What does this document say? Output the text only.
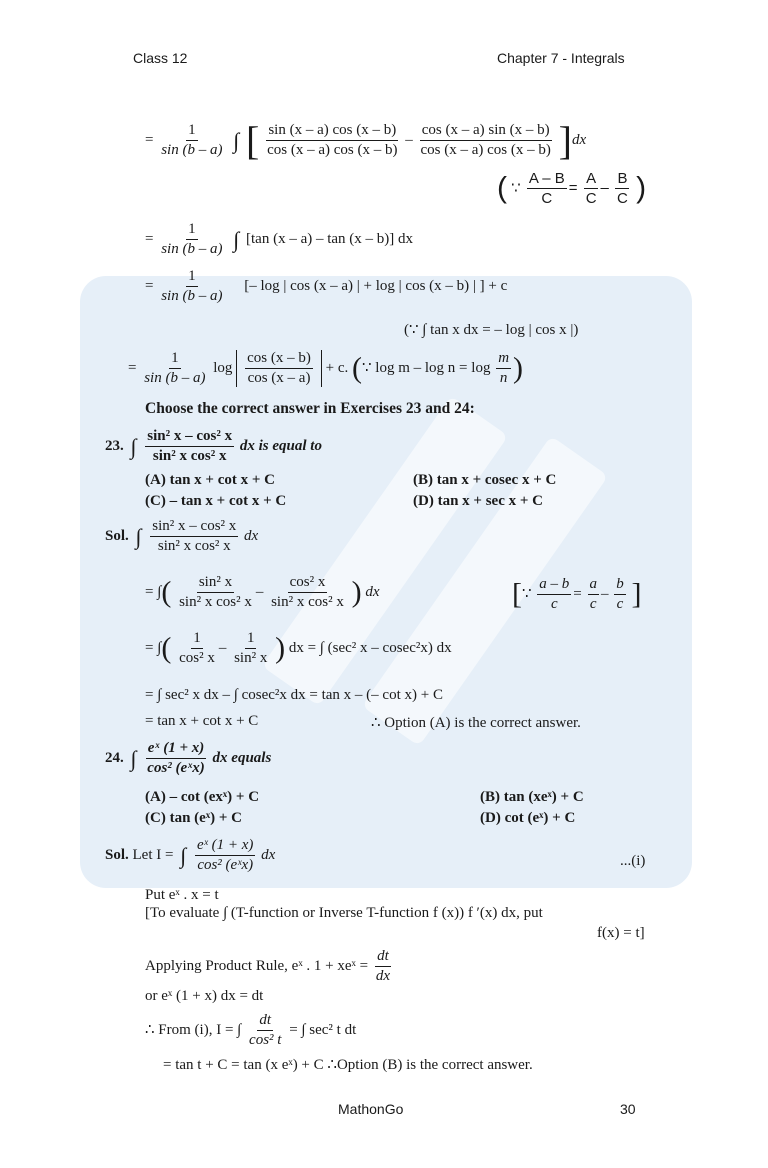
Class 12	Chapter 7 - Integrals
= $\frac{1}{\sin (b - a)}$ ∫ [ $\frac{\sin (x - a) \cos (x - b)}{\cos (x - a) \cos (x - b)} - \frac{\cos (x - a) \sin (x - b)}{\cos (x - a) \cos (x - b)} ]dx$
( ∵ $\frac{A - B}{C} = \frac{A}{C} - \frac{B}{C}$ )
= $\frac{1}{\sin (b - a)}$ ∫ [tan (x – a) – tan (x – b)] dx
= $\frac{1}{\sin (b - a)}$ [– log | cos (x – a) | + log | cos (x – b) | ] + c
(∵ ∫ tan x dx = – log | cos x |)
= $\frac{1}{\sin (b - a)}$ $\log \frac{\cos (x - b)}{\cos (x - a)} + c$. (∵ $\log m - \log n = \log \frac{m}{n}$ )
Choose the correct answer in Exercises 23 and 24:
23. ∫ $\frac{\text{sin² x – cos² x}}{\text{sin² x cos² x}}$ dx is equal to
(A) tan x + cot x + C	(B) tan x + cosec x + C
(C) – tan x + cot x + C	(D) tan x + sec x + C
Sol. ∫ $\frac{\text{sin² x – cos² x}}{\text{sin² x cos² x}}$ dx
= ∫( $\frac{\text{sin² x}}{\text{sin² x cos² x}} - \frac{\text{cos² x}}{\text{sin² x cos² x}}$ ) dx	[∵ $\frac{a - b}{c} = \frac{a}{c} - \frac{b}{c}$ ]
= ∫( $\frac{1}{\text{cos² x}} - \frac{1}{\text{sin² x}}$ ) dx = ∫ (sec² x – cosec²x) dx
= ∫ sec² x dx – ∫ cosec²x dx = tan x – (– cot x) + C
= tan x + cot x + C	∴ Option (A) is the correct answer.
24. ∫ $\frac{\text{eˣ (1 + x)}}{\text{cos² (eˣx)}}$ dx equals
(A) – cot (exˣ) + C	(B) tan (xeˣ) + C
(C) tan (eˣ) + C	(D) cot (eˣ) + C
Sol. Let I = ∫ $\frac{\text{eˣ (1 + x)}}{\text{cos² (eˣx)}}$ dx	...(i)
Put eˣ . x = t
[To evaluate ∫ (T-function or Inverse T-function f (x)) f ′(x) dx, put
f(x) = t]
Applying Product Rule, eˣ . 1 + xeˣ = $\frac{dt}{dx}$
or eˣ (1 + x) dx = dt
∴ From (i), I = ∫ $\frac{dt}{\text{cos² t}}$ = ∫ sec² t dt
= tan t + C = tan (x eˣ) + C ∴Option (B) is the correct answer.
MathonGo	30
